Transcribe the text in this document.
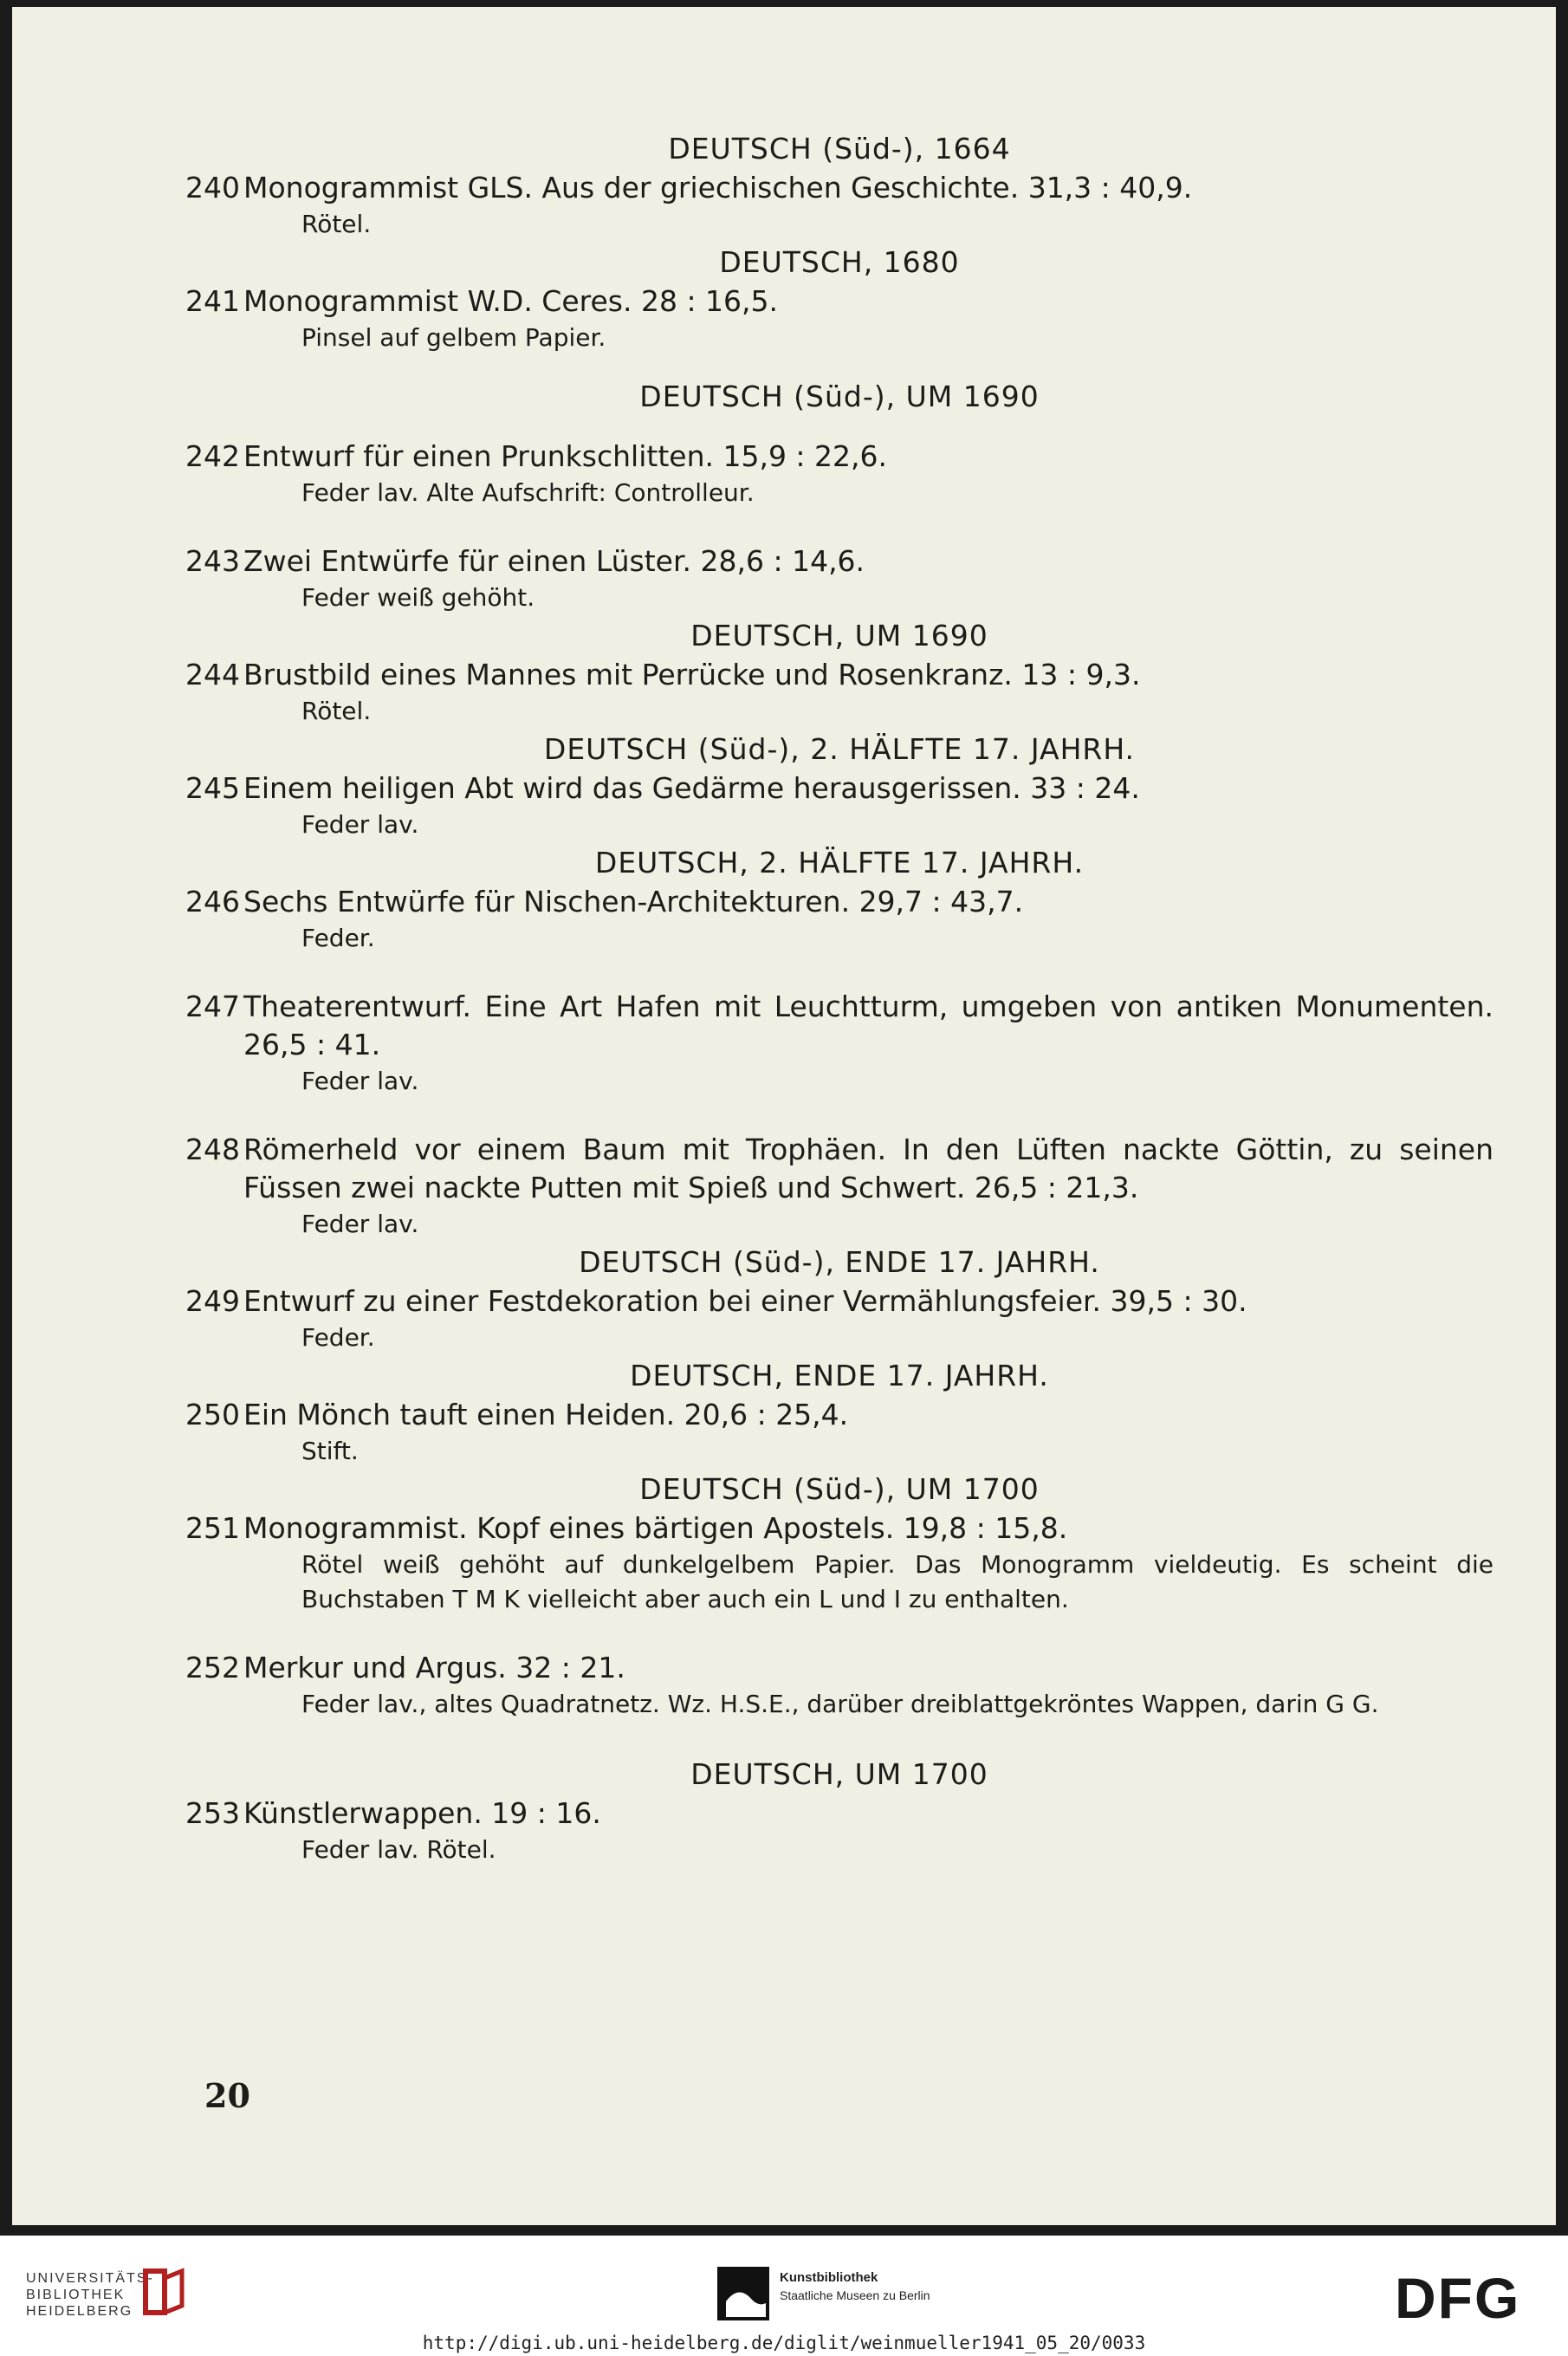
DEUTSCH (Süd-), 1664

240 Monogrammist GLS. Aus der griechischen Geschichte. 31,3 : 40,9.
Rötel.

DEUTSCH, 1680

241 Monogrammist W.D. Ceres. 28 : 16,5.
Pinsel auf gelbem Papier.

DEUTSCH (Süd-), UM 1690

242 Entwurf für einen Prunkschlitten. 15,9 : 22,6.
Feder lav. Alte Aufschrift: Controlleur.
243 Zwei Entwürfe für einen Lüster. 28,6 : 14,6.
Feder weiß gehöht.

DEUTSCH, UM 1690

244 Brustbild eines Mannes mit Perrücke und Rosenkranz. 13 : 9,3.
Rötel.

DEUTSCH (Süd-), 2. HÄLFTE 17. JAHRH.

245 Einem heiligen Abt wird das Gedärme herausgerissen. 33 : 24.
Feder lav.

DEUTSCH, 2. HÄLFTE 17. JAHRH.

246 Sechs Entwürfe für Nischen-Architekturen. 29,7 : 43,7.
Feder.
247 Theaterentwurf. Eine Art Hafen mit Leuchtturm, umgeben von antiken Monumenten. 26,5 : 41.
Feder lav.
248 Römerheld vor einem Baum mit Trophäen. In den Lüften nackte Göttin, zu seinen Füssen zwei nackte Putten mit Spieß und Schwert. 26,5 : 21,3.
Feder lav.

DEUTSCH (Süd-), ENDE 17. JAHRH.

249 Entwurf zu einer Festdekoration bei einer Vermählungsfeier. 39,5 : 30.
Feder.

DEUTSCH, ENDE 17. JAHRH.

250 Ein Mönch tauft einen Heiden. 20,6 : 25,4.
Stift.

DEUTSCH (Süd-), UM 1700

251 Monogrammist. Kopf eines bärtigen Apostels. 19,8 : 15,8.
Rötel weiß gehöht auf dunkelgelbem Papier. Das Monogramm vieldeutig. Es scheint die Buchstaben T M K vielleicht aber auch ein L und I zu enthalten.
252 Merkur und Argus. 32 : 21.
Feder lav., altes Quadratnetz. Wz. H.S.E., darüber dreiblattgekröntes Wappen, darin G G.

DEUTSCH, UM 1700

253 Künstlerwappen. 19 : 16.
Feder lav. Rötel.
20
UNIVERSITÄTS-
BIBLIOTHEK
HEIDELBERG
Kunstbibliothek
Staatliche Museen zu Berlin	DFG
http://digi.ub.uni-heidelberg.de/diglit/weinmueller1941_05_20/0033
